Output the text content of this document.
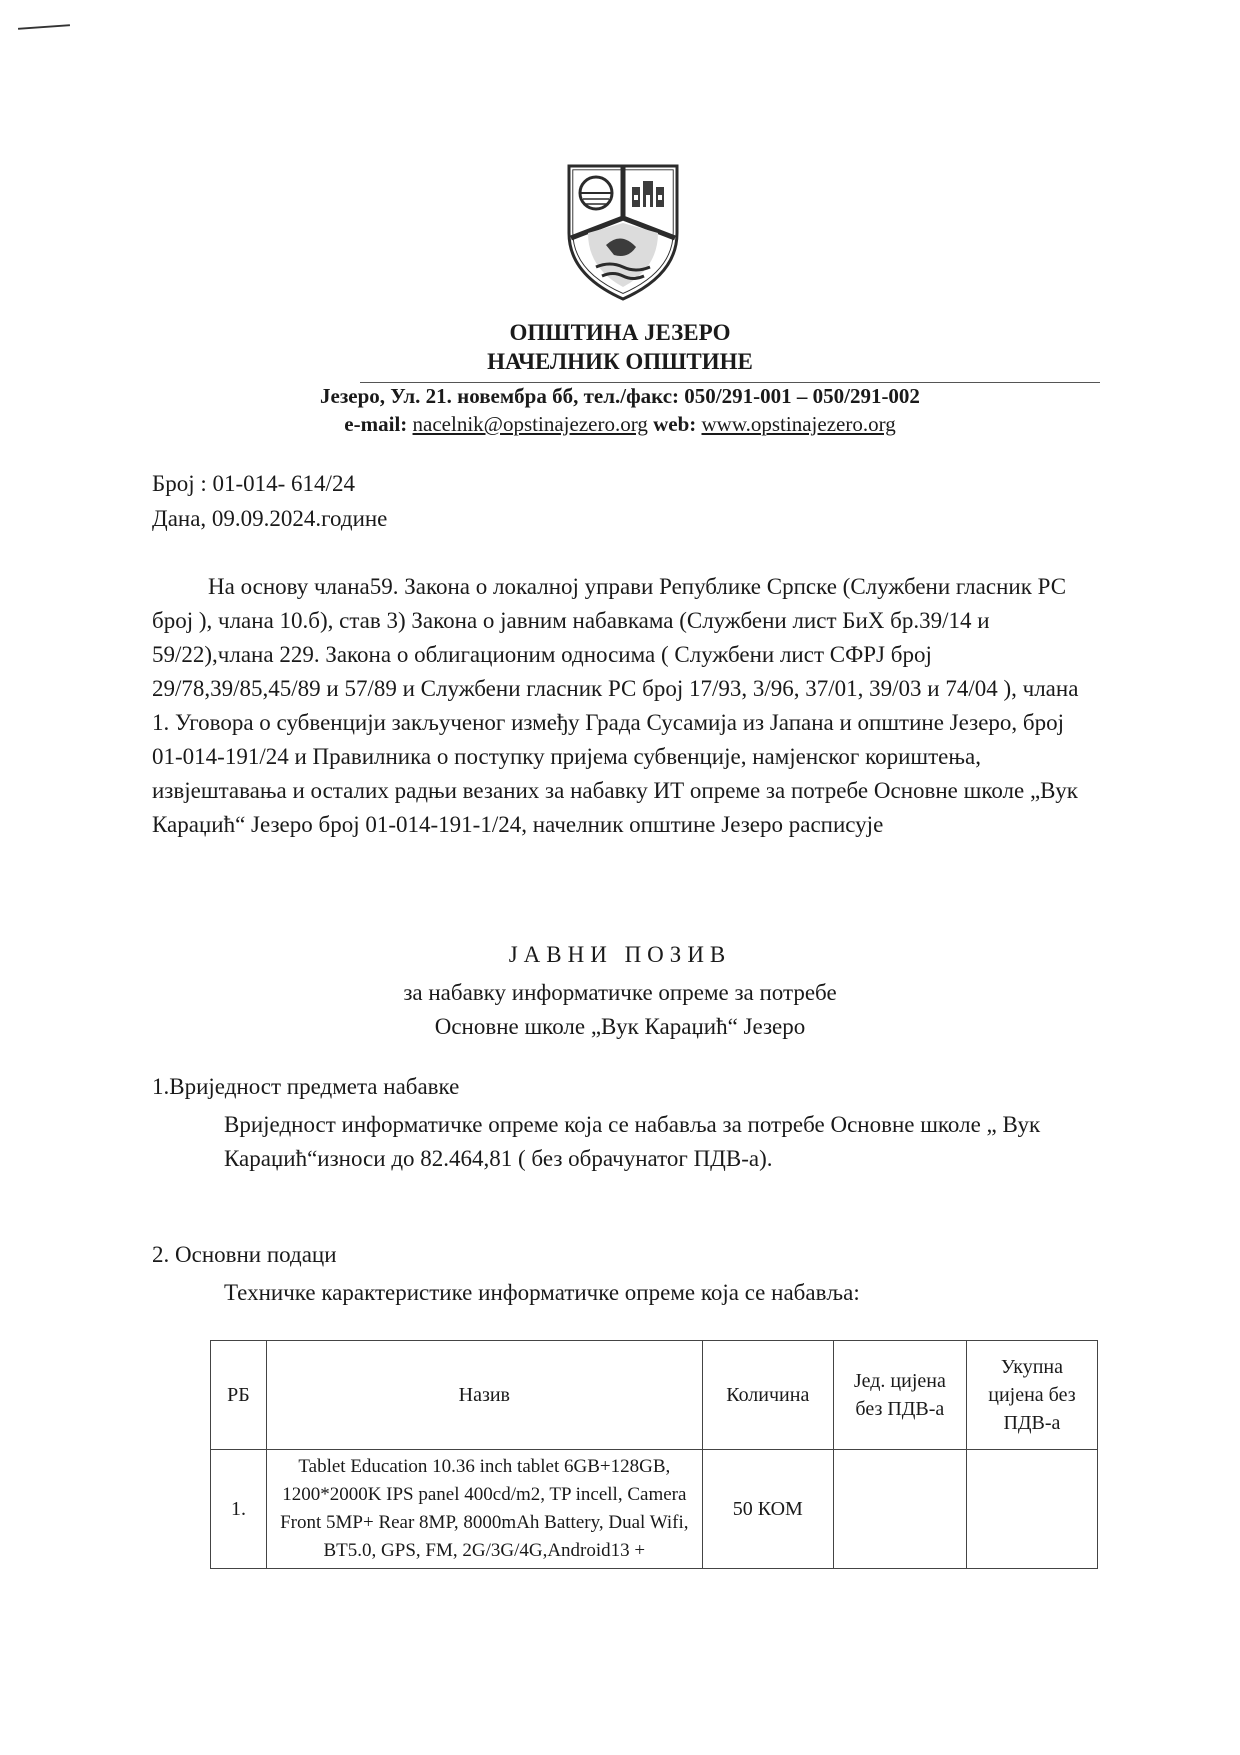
ОПШТИНА ЈЕЗЕРО

НАЧЕЛНИК ОПШТИНЕ

Језеро, Ул. 21. новембра бб, тел./факс: 050/291-001 – 050/291-002
e-mail: nacelnik@opstinajezero.org web: www.opstinajezero.org
Број : 01-014- 614/24
Дана, 09.09.2024.године
На основу члана59. Закона о локалној управи Републике Српске (Службени гласник РС број ), члана 10.б), став 3) Закона о јавним набавкама (Службени лист БиХ бр.39/14 и 59/22),члана 229. Закона о облигационим односима ( Службени лист СФРЈ број 29/78,39/85,45/89 и 57/89 и Службени гласник РС број 17/93, 3/96, 37/01, 39/03 и 74/04 ), члана 1. Уговора о субвенцији закљученог између Града Сусамија из Јапана и општине Језеро, број 01-014-191/24 и Правилника о поступку пријема субвенције, намјенског кориштења, извјештавања и осталих радњи везаних за набавку ИТ опреме за потребе Основне школе „Вук Караџић“ Језеро број 01-014-191-1/24, начелник општине Језеро расписује
ЈАВНИ ПОЗИВ
за набавку информатичке опреме за потребе
Основне школе „Вук Караџић“ Језеро
1.Вриједност предмета набавке
Вриједност информатичке опреме која се набавља за потребе Основне школе „ Вук Караџић“износи до 82.464,81 ( без обрачунатог ПДВ-а).
2. Основни подаци
Техничке карактеристике информатичке опреме која се набавља:
РБ	Назив	Количина	Јед. цијена без ПДВ-а	Укупна цијена без ПДВ-а
1.	Tablet Education 10.36 inch tablet 6GB+128GB, 1200*2000K IPS panel 400cd/m2, TP incell, Camera Front 5MP+ Rear 8MP, 8000mAh Battery, Dual Wifi, BT5.0, GPS, FM, 2G/3G/4G,Android13 +	50 КОМ		
